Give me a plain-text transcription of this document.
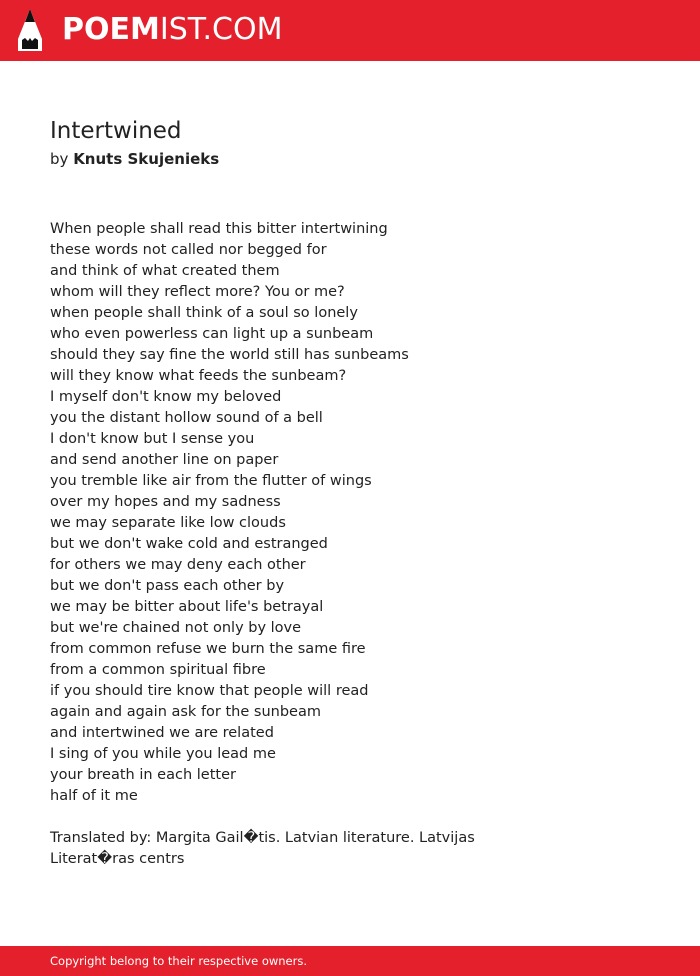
POEMIST.COM
Intertwined
by Knuts Skujenieks
When people shall read this bitter intertwining
these words not called nor begged for
and think of what created them
whom will they reflect more? You or me?
when people shall think of a soul so lonely
who even powerless can light up a sunbeam
should they say fine the world still has sunbeams
will they know what feeds the sunbeam?
I myself don't know my beloved
you the distant hollow sound of a bell
I don't know but I sense you
and send another line on paper
you tremble like air from the flutter of wings
over my hopes and my sadness
we may separate like low clouds
but we don't wake cold and estranged
for others we may deny each other
but we don't pass each other by
we may be bitter about life's betrayal
but we're chained not only by love
from common refuse we burn the same fire
from a common spiritual fibre
if you should tire know that people will read
again and again ask for the sunbeam
and intertwined we are related
I sing of you while you lead me
your breath in each letter
half of it me
Translated by: Margita Gail�tis. Latvian literature. Latvijas Literat�ras centrs
Copyright belong to their respective owners.
